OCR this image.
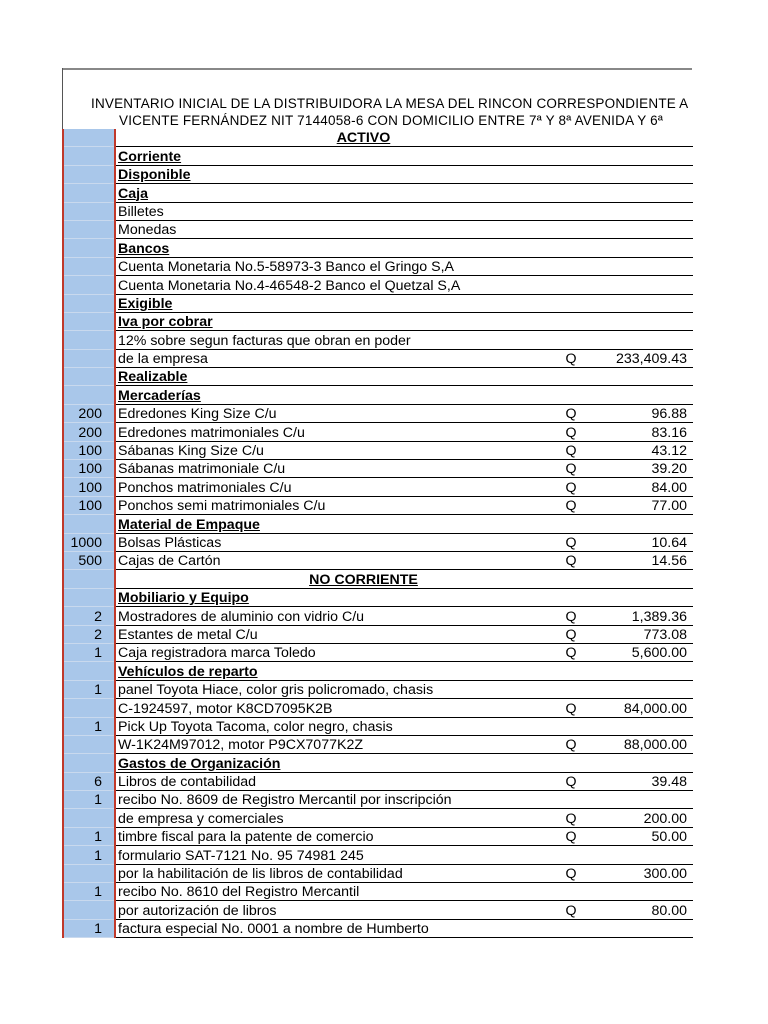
INVENTARIO INICIAL DE LA DISTRIBUIDORA LA MESA DEL RINCON CORRESPONDIENTE A
VICENTE FERNÁNDEZ NIT 7144058-6 CON DOMICILIO ENTRE 7ª Y 8ª AVENIDA Y 6ª
	ACTIVO		
	Corriente		
	Disponible		
	Caja		
	Billetes		
	Monedas		
	Bancos		
	Cuenta Monetaria No.5-58973-3 Banco el Gringo S,A		
	Cuenta Monetaria No.4-46548-2 Banco el Quetzal S,A		
	Exigible		
	Iva por cobrar		
	12% sobre segun facturas que obran en poder		
	de la empresa	Q	233,409.43
	Realizable		
	Mercaderías		
200	Edredones King Size C/u	Q	96.88
200	Edredones matrimoniales C/u	Q	83.16
100	Sábanas King Size C/u	Q	43.12
100	Sábanas matrimoniale C/u	Q	39.20
100	Ponchos matrimoniales C/u	Q	84.00
100	Ponchos semi matrimoniales C/u	Q	77.00
	Material de Empaque		
1000	Bolsas Plásticas	Q	10.64
500	Cajas de Cartón	Q	14.56
	NO CORRIENTE		
	Mobiliario y Equipo		
2	Mostradores de aluminio con vidrio C/u	Q	1,389.36
2	Estantes de metal C/u	Q	773.08
1	Caja registradora marca Toledo	Q	5,600.00
	Vehículos de reparto		
1	panel Toyota Hiace, color gris policromado, chasis		
	C-1924597, motor K8CD7095K2B	Q	84,000.00
1	Pick Up Toyota Tacoma, color negro, chasis		
	W-1K24M97012, motor P9CX7077K2Z	Q	88,000.00
	Gastos de Organización		
6	Libros de contabilidad	Q	39.48
1	recibo No. 8609 de Registro Mercantil por inscripción		
	de empresa y comerciales	Q	200.00
1	timbre fiscal para la patente de comercio	Q	50.00
1	formulario SAT-7121 No. 95 74981 245		
	por la habilitación de lis libros de contabilidad	Q	300.00
1	recibo No. 8610 del Registro Mercantil		
	por autorización de libros	Q	80.00
1	factura especial No. 0001 a nombre de Humberto		
